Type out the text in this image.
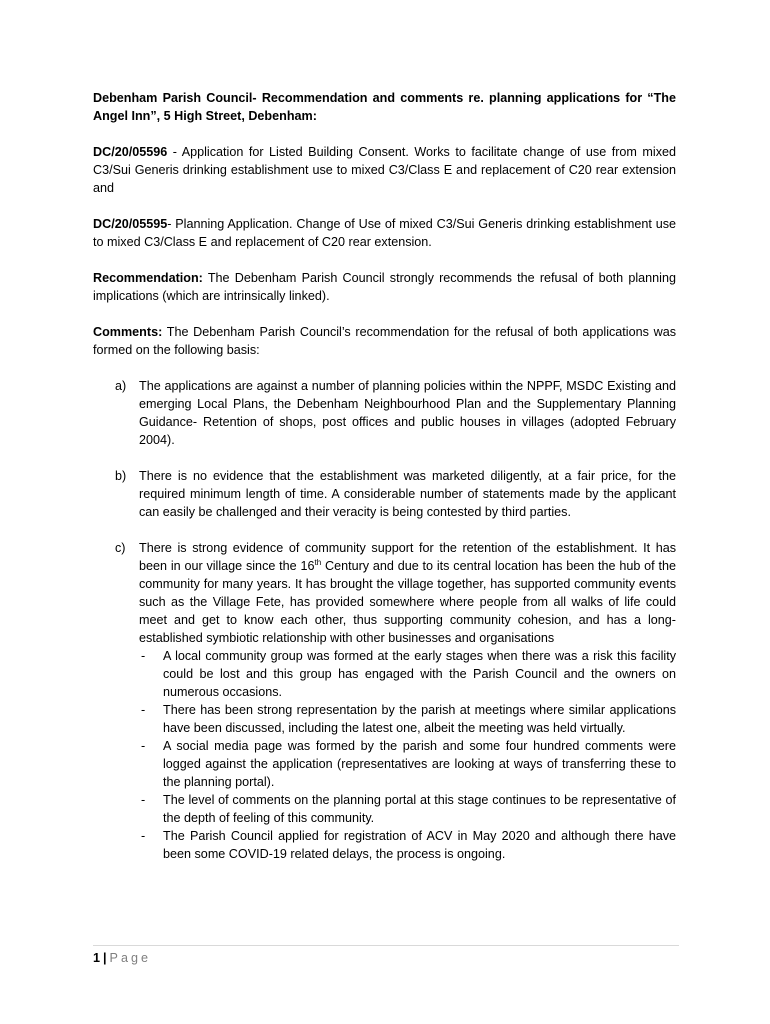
Debenham Parish Council- Recommendation and comments re. planning applications for “The Angel Inn”, 5 High Street, Debenham:

DC/20/05596 - Application for Listed Building Consent. Works to facilitate change of use from mixed C3/Sui Generis drinking establishment use to mixed C3/Class E and replacement of C20 rear extension and

DC/20/05595- Planning Application. Change of Use of mixed C3/Sui Generis drinking establishment use to mixed C3/Class E and replacement of C20 rear extension.

Recommendation: The Debenham Parish Council strongly recommends the refusal of both planning implications (which are intrinsically linked).

Comments: The Debenham Parish Council’s recommendation for the refusal of both applications was formed on the following basis:

a) The applications are against a number of planning policies within the NPPF, MSDC Existing and emerging Local Plans, the Debenham Neighbourhood Plan and the Supplementary Planning Guidance- Retention of shops, post offices and public houses in villages (adopted February 2004).
b) There is no evidence that the establishment was marketed diligently, at a fair price, for the required minimum length of time. A considerable number of statements made by the applicant can easily be challenged and their veracity is being contested by third parties.
c) There is strong evidence of community support for the retention of the establishment. It has been in our village since the 16th Century and due to its central location has been the hub of the community for many years. It has brought the village together, has supported community events such as the Village Fete, has provided somewhere where people from all walks of life could meet and get to know each other, thus supporting community cohesion, and has a long-established symbiotic relationship with other businesses and organisations
- A local community group was formed at the early stages when there was a risk this facility could be lost and this group has engaged with the Parish Council and the owners on numerous occasions.
- There has been strong representation by the parish at meetings where similar applications have been discussed, including the latest one, albeit the meeting was held virtually.
- A social media page was formed by the parish and some four hundred comments were logged against the application (representatives are looking at ways of transferring these to the planning portal).
- The level of comments on the planning portal at this stage continues to be representative of the depth of feeling of this community.
- The Parish Council applied for registration of ACV in May 2020 and although there have been some COVID-19 related delays, the process is ongoing.
1 | Page
